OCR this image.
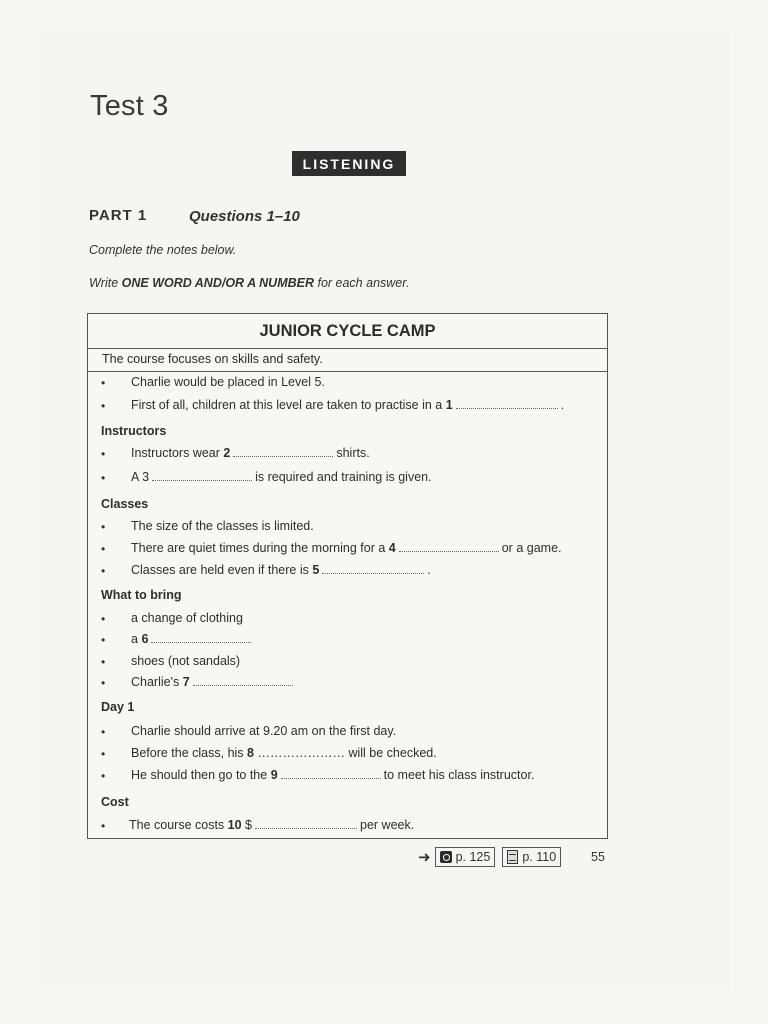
Test 3
LISTENING
PART 1	Questions 1–10
Complete the notes below.
Write ONE WORD AND/OR A NUMBER for each answer.
JUNIOR CYCLE CAMP
The course focuses on skills and safety.
• Charlie would be placed in Level 5.
• First of all, children at this level are taken to practise in a 1	.
Instructors
• Instructors wear 2	shirts.
• A 3	is required and training is given.
Classes
• The size of the classes is limited.
• There are quiet times during the morning for a 4	or a game.
• Classes are held even if there is 5	.
What to bring
• a change of clothing
• a 6
• shoes (not sandals)
• Charlie's 7
Day 1
• Charlie should arrive at 9.20 am on the first day.
• Before the class, his 8 ………………… will be checked.
• He should then go to the 9	to meet his class instructor.
Cost
• The course costs 10 $	per week.
➜ p. 125	p. 110	55
